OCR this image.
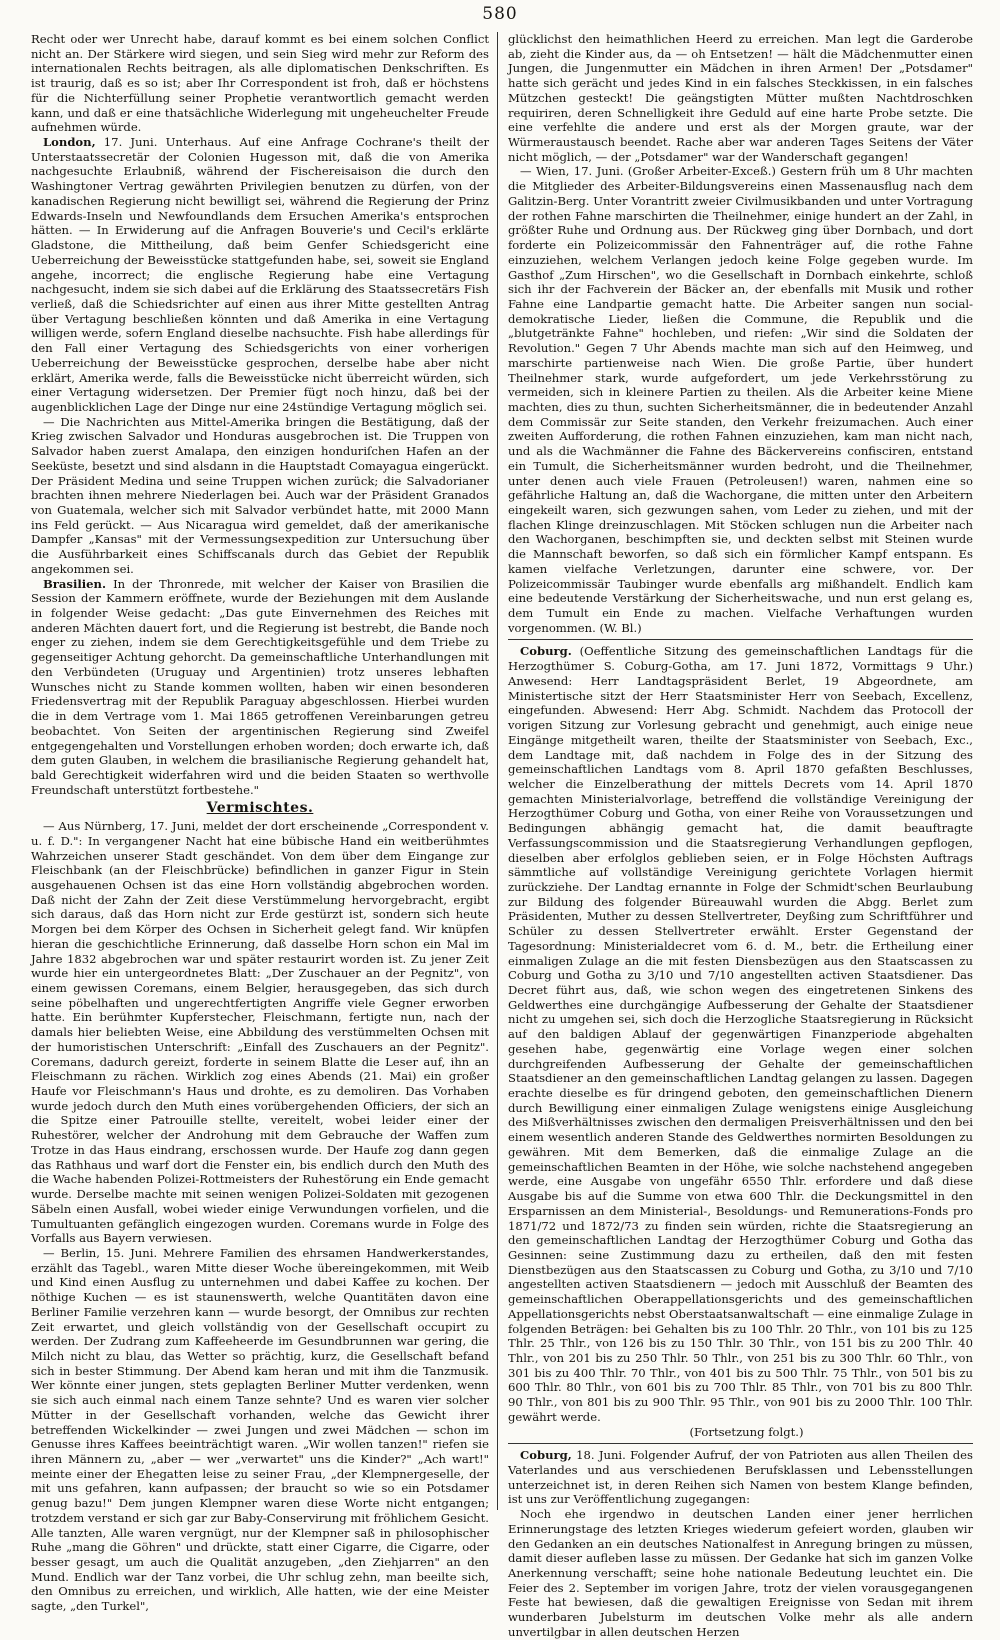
580

Recht oder wer Unrecht habe, darauf kommt es bei einem solchen Conflict nicht an. Der Stärkere wird siegen, und sein Sieg wird mehr zur Reform des internationalen Rechts beitragen, als alle diplomatischen Denkschriften. Es ist traurig, daß es so ist; aber Ihr Correspondent ist froh, daß er höchstens für die Nichterfüllung seiner Prophetie verantwortlich gemacht werden kann, und daß er eine thatsächliche Widerlegung mit ungeheuchelter Freude aufnehmen würde.

London, 17. Juni. Unterhaus. Auf eine Anfrage Cochrane's theilt der Unterstaatssecretär der Colonien Hugesson mit, daß die von Amerika nachgesuchte Erlaubniß, während der Fischereisaison die durch den Washingtoner Vertrag gewährten Privilegien benutzen zu dürfen, von der kanadischen Regierung nicht bewilligt sei, während die Regierung der Prinz Edwards-Inseln und Newfoundlands dem Ersuchen Amerika's entsprochen hätten. — In Erwiderung auf die Anfragen Bouverie's und Cecil's erklärte Gladstone, die Mittheilung, daß beim Genfer Schiedsgericht eine Ueberreichung der Beweisstücke stattgefunden habe, sei, soweit sie England angehe, incorrect; die englische Regierung habe eine Vertagung nachgesucht, indem sie sich dabei auf die Erklärung des Staatssecretärs Fish verließ, daß die Schiedsrichter auf einen aus ihrer Mitte gestellten Antrag über Vertagung beschließen könnten und daß Amerika in eine Vertagung willigen werde, sofern England dieselbe nachsuchte. Fish habe allerdings für den Fall einer Vertagung des Schiedsgerichts von einer vorherigen Ueberreichung der Beweisstücke gesprochen, derselbe habe aber nicht erklärt, Amerika werde, falls die Beweisstücke nicht überreicht würden, sich einer Vertagung widersetzen. Der Premier fügt noch hinzu, daß bei der augenblicklichen Lage der Dinge nur eine 24stündige Vertagung möglich sei.

— Die Nachrichten aus Mittel-Amerika bringen die Bestätigung, daß der Krieg zwischen Salvador und Honduras ausgebrochen ist. Die Truppen von Salvador haben zuerst Amalapa, den einzigen honduriſchen Hafen an der Seeküste, besetzt und sind alsdann in die Hauptstadt Comayagua eingerückt. Der Präsident Medina und seine Truppen wichen zurück; die Salvadorianer brachten ihnen mehrere Niederlagen bei. Auch war der Präsident Granados von Guatemala, welcher sich mit Salvador verbündet hatte, mit 2000 Mann ins Feld gerückt. — Aus Nicaragua wird gemeldet, daß der amerikanische Dampfer „Kansas" mit der Vermessungsexpedition zur Untersuchung über die Ausführbarkeit eines Schiffscanals durch das Gebiet der Republik angekommen sei.

Brasilien. In der Thronrede, mit welcher der Kaiser von Brasilien die Session der Kammern eröffnete, wurde der Beziehungen mit dem Auslande in folgender Weise gedacht: „Das gute Einvernehmen des Reiches mit anderen Mächten dauert fort, und die Regierung ist bestrebt, die Bande noch enger zu ziehen, indem sie dem Gerechtigkeitsgefühle und dem Triebe zu gegenseitiger Achtung gehorcht. Da gemeinschaftliche Unterhandlungen mit den Verbündeten (Uruguay und Argentinien) trotz unseres lebhaften Wunsches nicht zu Stande kommen wollten, haben wir einen besonderen Friedensvertrag mit der Republik Paraguay abgeschlossen. Hierbei wurden die in dem Vertrage vom 1. Mai 1865 getroffenen Vereinbarungen getreu beobachtet. Von Seiten der argentinischen Regierung sind Zweifel entgegengehalten und Vorstellungen erhoben worden; doch erwarte ich, daß dem guten Glauben, in welchem die brasilianische Regierung gehandelt hat, bald Gerechtigkeit widerfahren wird und die beiden Staaten so werthvolle Freundschaft unterstützt fortbestehe."

Vermischtes.

— Aus Nürnberg, 17. Juni, meldet der dort erscheinende „Correspondent v. u. f. D.": In vergangener Nacht hat eine bübische Hand ein weitberühmtes Wahrzeichen unserer Stadt geschändet. Von dem über dem Eingange zur Fleischbank (an der Fleischbrücke) befindlichen in ganzer Figur in Stein ausgehauenen Ochsen ist das eine Horn vollständig abgebrochen worden. Daß nicht der Zahn der Zeit diese Verstümmelung hervorgebracht, ergibt sich daraus, daß das Horn nicht zur Erde gestürzt ist, sondern sich heute Morgen bei dem Körper des Ochsen in Sicherheit gelegt fand. Wir knüpfen hieran die geschichtliche Erinnerung, daß dasselbe Horn schon ein Mal im Jahre 1832 abgebrochen war und später restaurirt worden ist. Zu jener Zeit wurde hier ein untergeordnetes Blatt: „Der Zuschauer an der Pegnitz", von einem gewissen Coremans, einem Belgier, herausgegeben, das sich durch seine pöbelhaften und ungerechtfertigten Angriffe viele Gegner erworben hatte. Ein berühmter Kupferstecher, Fleischmann, fertigte nun, nach der damals hier beliebten Weise, eine Abbildung des verstümmelten Ochsen mit der humoristischen Unterschrift: „Einfall des Zuschauers an der Pegnitz". Coremans, dadurch gereizt, forderte in seinem Blatte die Leser auf, ihn an Fleischmann zu rächen. Wirklich zog eines Abends (21. Mai) ein großer Haufe vor Fleischmann's Haus und drohte, es zu demoliren. Das Vorhaben wurde jedoch durch den Muth eines vorübergehenden Officiers, der sich an die Spitze einer Patrouille stellte, vereitelt, wobei leider einer der Ruhestörer, welcher der Androhung mit dem Gebrauche der Waffen zum Trotze in das Haus eindrang, erschossen wurde. Der Haufe zog dann gegen das Rathhaus und warf dort die Fenster ein, bis endlich durch den Muth des die Wache habenden Polizei-Rottmeisters der Ruhestörung ein Ende gemacht wurde. Derselbe machte mit seinen wenigen Polizei-Soldaten mit gezogenen Säbeln einen Ausfall, wobei wieder einige Verwundungen vorfielen, und die Tumultuanten gefänglich eingezogen wurden. Coremans wurde in Folge des Vorfalls aus Bayern verwiesen.

— Berlin, 15. Juni. Mehrere Familien des ehrsamen Handwerkerstandes, erzählt das Tagebl., waren Mitte dieser Woche übereingekommen, mit Weib und Kind einen Ausflug zu unternehmen und dabei Kaffee zu kochen. Der nöthige Kuchen — es ist staunenswerth, welche Quantitäten davon eine Berliner Familie verzehren kann — wurde besorgt, der Omnibus zur rechten Zeit erwartet, und gleich vollständig von der Gesellschaft occupirt zu werden. Der Zudrang zum Kaffeeheerde im Gesundbrunnen war gering, die Milch nicht zu blau, das Wetter so prächtig, kurz, die Gesellschaft befand sich in bester Stimmung. Der Abend kam heran und mit ihm die Tanzmusik. Wer könnte einer jungen, stets geplagten Berliner Mutter verdenken, wenn sie sich auch einmal nach einem Tanze sehnte? Und es waren vier solcher Mütter in der Gesellschaft vorhanden, welche das Gewicht ihrer betreffenden Wickelkinder — zwei Jungen und zwei Mädchen — schon im Genusse ihres Kaffees beeinträchtigt waren. „Wir wollen tanzen!" riefen sie ihren Männern zu, „aber — wer „verwartet" uns die Kinder?" „Ach wart!" meinte einer der Ehegatten leise zu seiner Frau, „der Klempnergeselle, der mit uns gefahren, kann aufpassen; der braucht so wie so ein Potsdamer genug bazu!" Dem jungen Klempner waren diese Worte nicht entgangen; trotzdem verstand er sich gar zur Baby-Conservirung mit fröhlichem Gesicht. Alle tanzten, Alle waren vergnügt, nur der Klempner saß in philosophischer Ruhe „mang die Göhren" und drückte, statt einer Cigarre, die Cigarre, oder besser gesagt, um auch die Qualität anzugeben, „den Ziehjarren" an den Mund. Endlich war der Tanz vorbei, die Uhr schlug zehn, man beeilte sich, den Omnibus zu erreichen, und wirklich, Alle hatten, wie der eine Meister sagte, „den Turkel",

glücklichst den heimathlichen Heerd zu erreichen. Man legt die Garderobe ab, zieht die Kinder aus, da — oh Entsetzen! — hält die Mädchenmutter einen Jungen, die Jungenmutter ein Mädchen in ihren Armen! Der „Potsdamer" hatte sich gerächt und jedes Kind in ein falsches Steckkissen, in ein falsches Mützchen gesteckt! Die geängstigten Mütter mußten Nachtdroschken requiriren, deren Schnelligkeit ihre Geduld auf eine harte Probe setzte. Die eine verfehlte die andere und erst als der Morgen graute, war der Würmeraustausch beendet. Rache aber war anderen Tages Seitens der Väter nicht möglich, — der „Potsdamer" war der Wanderschaft gegangen!

— Wien, 17. Juni. (Großer Arbeiter-Exceß.) Gestern früh um 8 Uhr machten die Mitglieder des Arbeiter-Bildungsvereins einen Massenausflug nach dem Galitzin-Berg. Unter Vorantritt zweier Civilmusikbanden und unter Vortragung der rothen Fahne marschirten die Theilnehmer, einige hundert an der Zahl, in größter Ruhe und Ordnung aus. Der Rückweg ging über Dornbach, und dort forderte ein Polizeicommissär den Fahnenträger auf, die rothe Fahne einzuziehen, welchem Verlangen jedoch keine Folge gegeben wurde. Im Gasthof „Zum Hirschen", wo die Gesellschaft in Dornbach einkehrte, schloß sich ihr der Fachverein der Bäcker an, der ebenfalls mit Musik und rother Fahne eine Landpartie gemacht hatte. Die Arbeiter sangen nun social-demokratische Lieder, ließen die Commune, die Republik und die „blutgetränkte Fahne" hochleben, und riefen: „Wir sind die Soldaten der Revolution." Gegen 7 Uhr Abends machte man sich auf den Heimweg, und marschirte partienweise nach Wien. Die große Partie, über hundert Theilnehmer stark, wurde aufgefordert, um jede Verkehrsstörung zu vermeiden, sich in kleinere Partien zu theilen. Als die Arbeiter keine Miene machten, dies zu thun, suchten Sicherheitsmänner, die in bedeutender Anzahl dem Commissär zur Seite standen, den Verkehr freizumachen. Auch einer zweiten Aufforderung, die rothen Fahnen einzuziehen, kam man nicht nach, und als die Wachmänner die Fahne des Bäckervereins confisciren, entstand ein Tumult, die Sicherheitsmänner wurden bedroht, und die Theilnehmer, unter denen auch viele Frauen (Petroleusen!) waren, nahmen eine so gefährliche Haltung an, daß die Wachorgane, die mitten unter den Arbeitern eingekeilt waren, sich gezwungen sahen, vom Leder zu ziehen, und mit der flachen Klinge dreinzuschlagen. Mit Stöcken schlugen nun die Arbeiter nach den Wachorganen, beschimpften sie, und deckten selbst mit Steinen wurde die Mannschaft beworfen, so daß sich ein förmlicher Kampf entspann. Es kamen vielfache Verletzungen, darunter eine schwere, vor. Der Polizeicommissär Taubinger wurde ebenfalls arg mißhandelt. Endlich kam eine bedeutende Verstärkung der Sicherheitswache, und nun erst gelang es, dem Tumult ein Ende zu machen. Vielfache Verhaftungen wurden vorgenommen. (W. Bl.)

Coburg. (Oeffentliche Sitzung des gemeinschaftlichen Landtags für die Herzogthümer S. Coburg-Gotha, am 17. Juni 1872, Vormittags 9 Uhr.) Anwesend: Herr Landtagspräsident Berlet, 19 Abgeordnete, am Ministertische sitzt der Herr Staatsminister Herr von Seebach, Excellenz, eingefunden. Abwesend: Herr Abg. Schmidt. Nachdem das Protocoll der vorigen Sitzung zur Vorlesung gebracht und genehmigt, auch einige neue Eingänge mitgetheilt waren, theilte der Staatsminister von Seebach, Exc., dem Landtage mit, daß nachdem in Folge des in der Sitzung des gemeinschaftlichen Landtags vom 8. April 1870 gefaßten Beschlusses, welcher die Einzelberathung der mittels Decrets vom 14. April 1870 gemachten Ministerialvorlage, betreffend die vollständige Vereinigung der Herzogthümer Coburg und Gotha, von einer Reihe von Voraussetzungen und Bedingungen abhängig gemacht hat, die damit beauftragte Verfassungscommission und die Staatsregierung Verhandlungen gepflogen, dieselben aber erfolglos geblieben seien, er in Folge Höchsten Auftrags sämmtliche auf vollständige Vereinigung gerichtete Vorlagen hiermit zurückziehe. Der Landtag ernannte in Folge der Schmidt'schen Beurlaubung zur Bildung des folgender Büreauwahl wurden die Abgg. Berlet zum Präsidenten, Muther zu dessen Stellvertreter, Deyßing zum Schriftführer und Schüler zu dessen Stellvertreter erwählt. Erster Gegenstand der Tagesordnung: Ministerialdecret vom 6. d. M., betr. die Ertheilung einer einmaligen Zulage an die mit festen Diensbezügen aus den Staatscassen zu Coburg und Gotha zu 3/10 und 7/10 angestellten activen Staatsdiener. Das Decret führt aus, daß, wie schon wegen des eingetretenen Sinkens des Geldwerthes eine durchgängige Aufbesserung der Gehalte der Staatsdiener nicht zu umgehen sei, sich doch die Herzogliche Staatsregierung in Rücksicht auf den baldigen Ablauf der gegenwärtigen Finanzperiode abgehalten gesehen habe, gegenwärtig eine Vorlage wegen einer solchen durchgreifenden Aufbesserung der Gehalte der gemeinschaftlichen Staatsdiener an den gemeinschaftlichen Landtag gelangen zu lassen. Dagegen erachte dieselbe es für dringend geboten, den gemeinschaftlichen Dienern durch Bewilligung einer einmaligen Zulage wenigstens einige Ausgleichung des Mißverhältnisses zwischen den dermaligen Preisverhältnissen und den bei einem wesentlich anderen Stande des Geldwerthes normirten Besoldungen zu gewähren. Mit dem Bemerken, daß die einmalige Zulage an die gemeinschaftlichen Beamten in der Höhe, wie solche nachstehend angegeben werde, eine Ausgabe von ungefähr 6550 Thlr. erfordere und daß diese Ausgabe bis auf die Summe von etwa 600 Thlr. die Deckungsmittel in den Ersparnissen an dem Ministerial-, Besoldungs- und Remunerations-Fonds pro 1871/72 und 1872/73 zu finden sein würden, richte die Staatsregierung an den gemeinschaftlichen Landtag der Herzogthümer Coburg und Gotha das Gesinnen: seine Zustimmung dazu zu ertheilen, daß den mit festen Dienstbezügen aus den Staatscassen zu Coburg und Gotha, zu 3/10 und 7/10 angestellten activen Staatsdienern — jedoch mit Ausschluß der Beamten des gemeinschaftlichen Oberappellationsgerichts und des gemeinschaftlichen Appellationsgerichts nebst Oberstaatsanwaltschaft — eine einmalige Zulage in folgenden Beträgen: bei Gehalten bis zu 100 Thlr. 20 Thlr., von 101 bis zu 125 Thlr. 25 Thlr., von 126 bis zu 150 Thlr. 30 Thlr., von 151 bis zu 200 Thlr. 40 Thlr., von 201 bis zu 250 Thlr. 50 Thlr., von 251 bis zu 300 Thlr. 60 Thlr., von 301 bis zu 400 Thlr. 70 Thlr., von 401 bis zu 500 Thlr. 75 Thlr., von 501 bis zu 600 Thlr. 80 Thlr., von 601 bis zu 700 Thlr. 85 Thlr., von 701 bis zu 800 Thlr. 90 Thlr., von 801 bis zu 900 Thlr. 95 Thlr., von 901 bis zu 2000 Thlr. 100 Thlr. gewährt werde.

(Fortsetzung folgt.)

Coburg, 18. Juni. Folgender Aufruf, der von Patrioten aus allen Theilen des Vaterlandes und aus verschiedenen Berufsklassen und Lebensstellungen unterzeichnet ist, in deren Reihen sich Namen von bestem Klange befinden, ist uns zur Veröffentlichung zugegangen:

Noch ehe irgendwo in deutschen Landen einer jener herrlichen Erinnerungstage des letzten Krieges wiederum gefeiert worden, glauben wir den Gedanken an ein deutsches Nationalfest in Anregung bringen zu müssen, damit dieser aufleben lasse zu müssen. Der Gedanke hat sich im ganzen Volke Anerkennung verschafft; seine hohe nationale Bedeutung leuchtet ein. Die Feier des 2. September im vorigen Jahre, trotz der vielen vorausgegangenen Feste hat bewiesen, daß die gewaltigen Ereignisse von Sedan mit ihrem wunderbaren Jubelsturm im deutschen Volke mehr als alle andern unvertilgbar in allen deutschen Herzen
